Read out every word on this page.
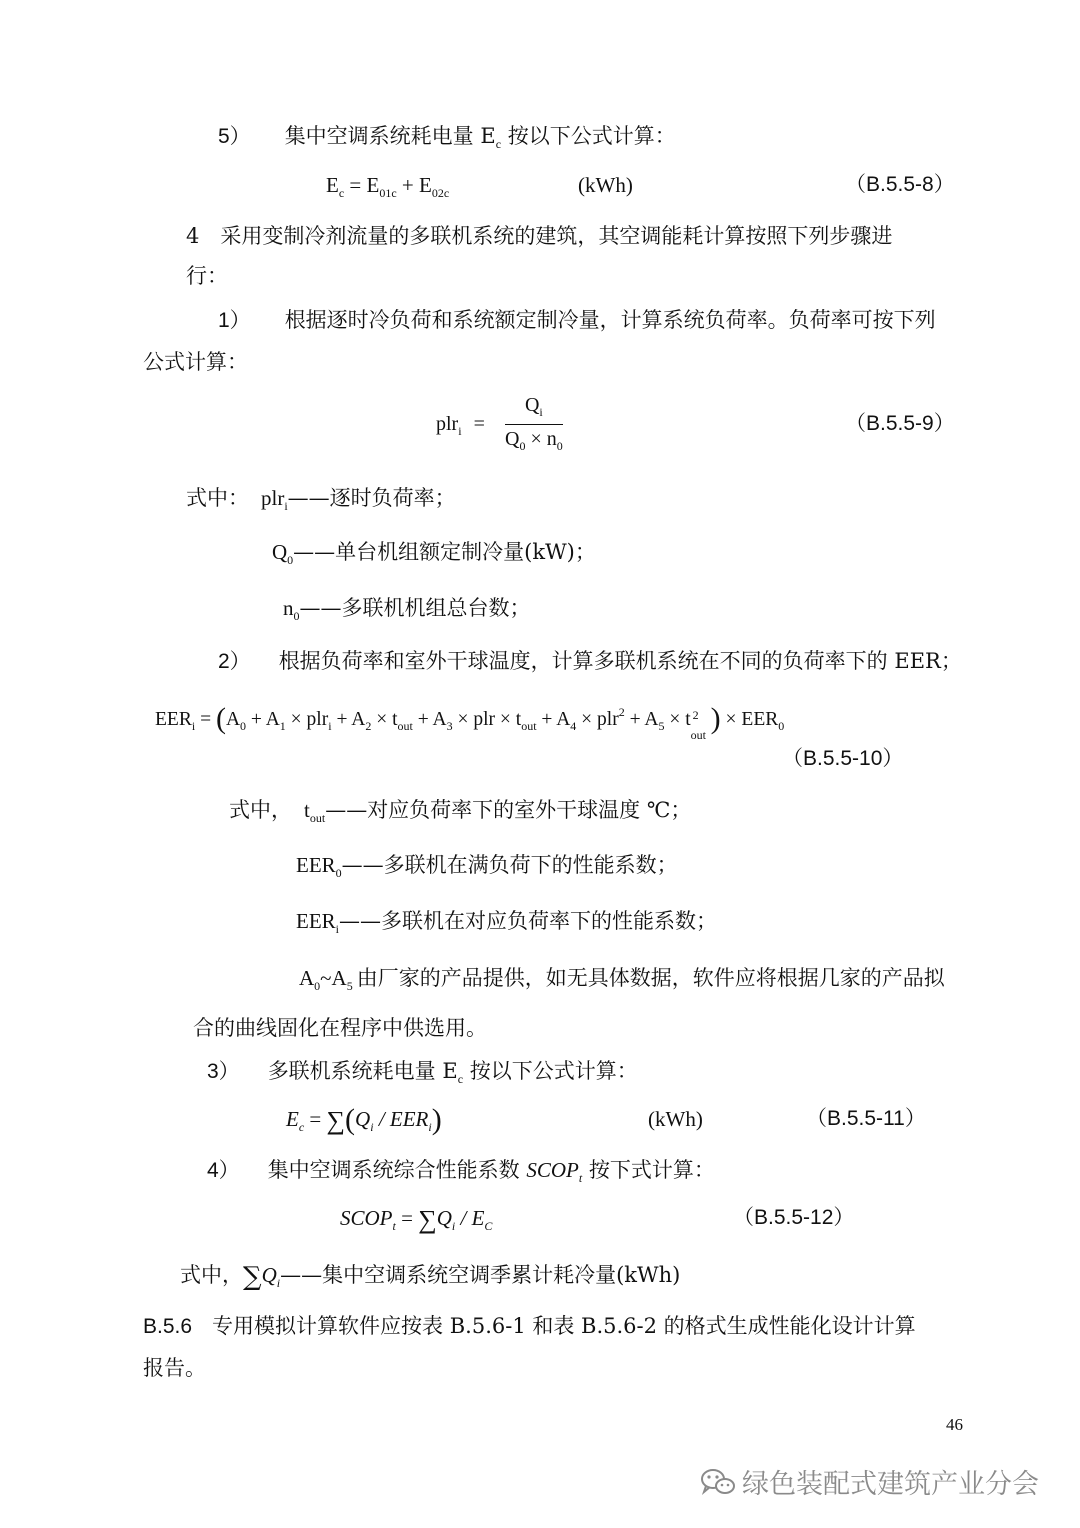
5） 集中空调系统耗电量 $E_c$ 按以下公式计算：
$E_c = E_{01c} + E_{02c}$	(kWh)	（B.5.5-8）
4　采用变制冷剂流量的多联机系统的建筑，其空调能耗计算按照下列步骤进
行：
1） 根据逐时冷负荷和系统额定制冷量，计算系统负荷率。负荷率可按下列
公式计算：
$plr_i = \frac{Q_i}{Q_0 \times n_0}$	（B.5.5-9）
式中： plr$_i$——逐时负荷率；
$Q_0——$单台机组额定制冷量(kW)；
$n_0——$多联机机组总台数；
2） 根据负荷率和室外干球温度，计算多联机系统在不同的负荷率下的 EER；
$EER_i = (A_0 + A_1 \times plr_i + A_2 \times t_{out} + A_3$ × plr × $t_{out} + A_4 \times plr^2 + A_5 \times t$ 2
out ) × $EER_0$
（B.5.5-10）
式中， $t_{out}——$对应负荷率下的室外干球温度 ℃；
$EER_0——$多联机在满负荷下的性能系数；
$EER_i——$多联机在对应负荷率下的性能系数；
$A_0\sim A_5$ 由厂家的产品提供，如无具体数据，软件应将根据几家的产品拟
合的曲线固化在程序中供选用。
3） 多联机系统耗电量 $E_c$ 按以下公式计算：
$E_c = \sum(Q_i / EER_i)$	(kWh)	（B.5.5-11）
4） 集中空调系统综合性能系数 $SCOP_t$ 按下式计算：
$SCOP_t = \sum Q_i / E_C$	（B.5.5-12）
式中，$\sum Q_i——$集中空调系统空调季累计耗冷量(kWh)
B.5.6 专用模拟计算软件应按表 B.5.6-1 和表 B.5.6-2 的格式生成性能化设计计算
报告。
46
绿色装配式建筑产业分会
